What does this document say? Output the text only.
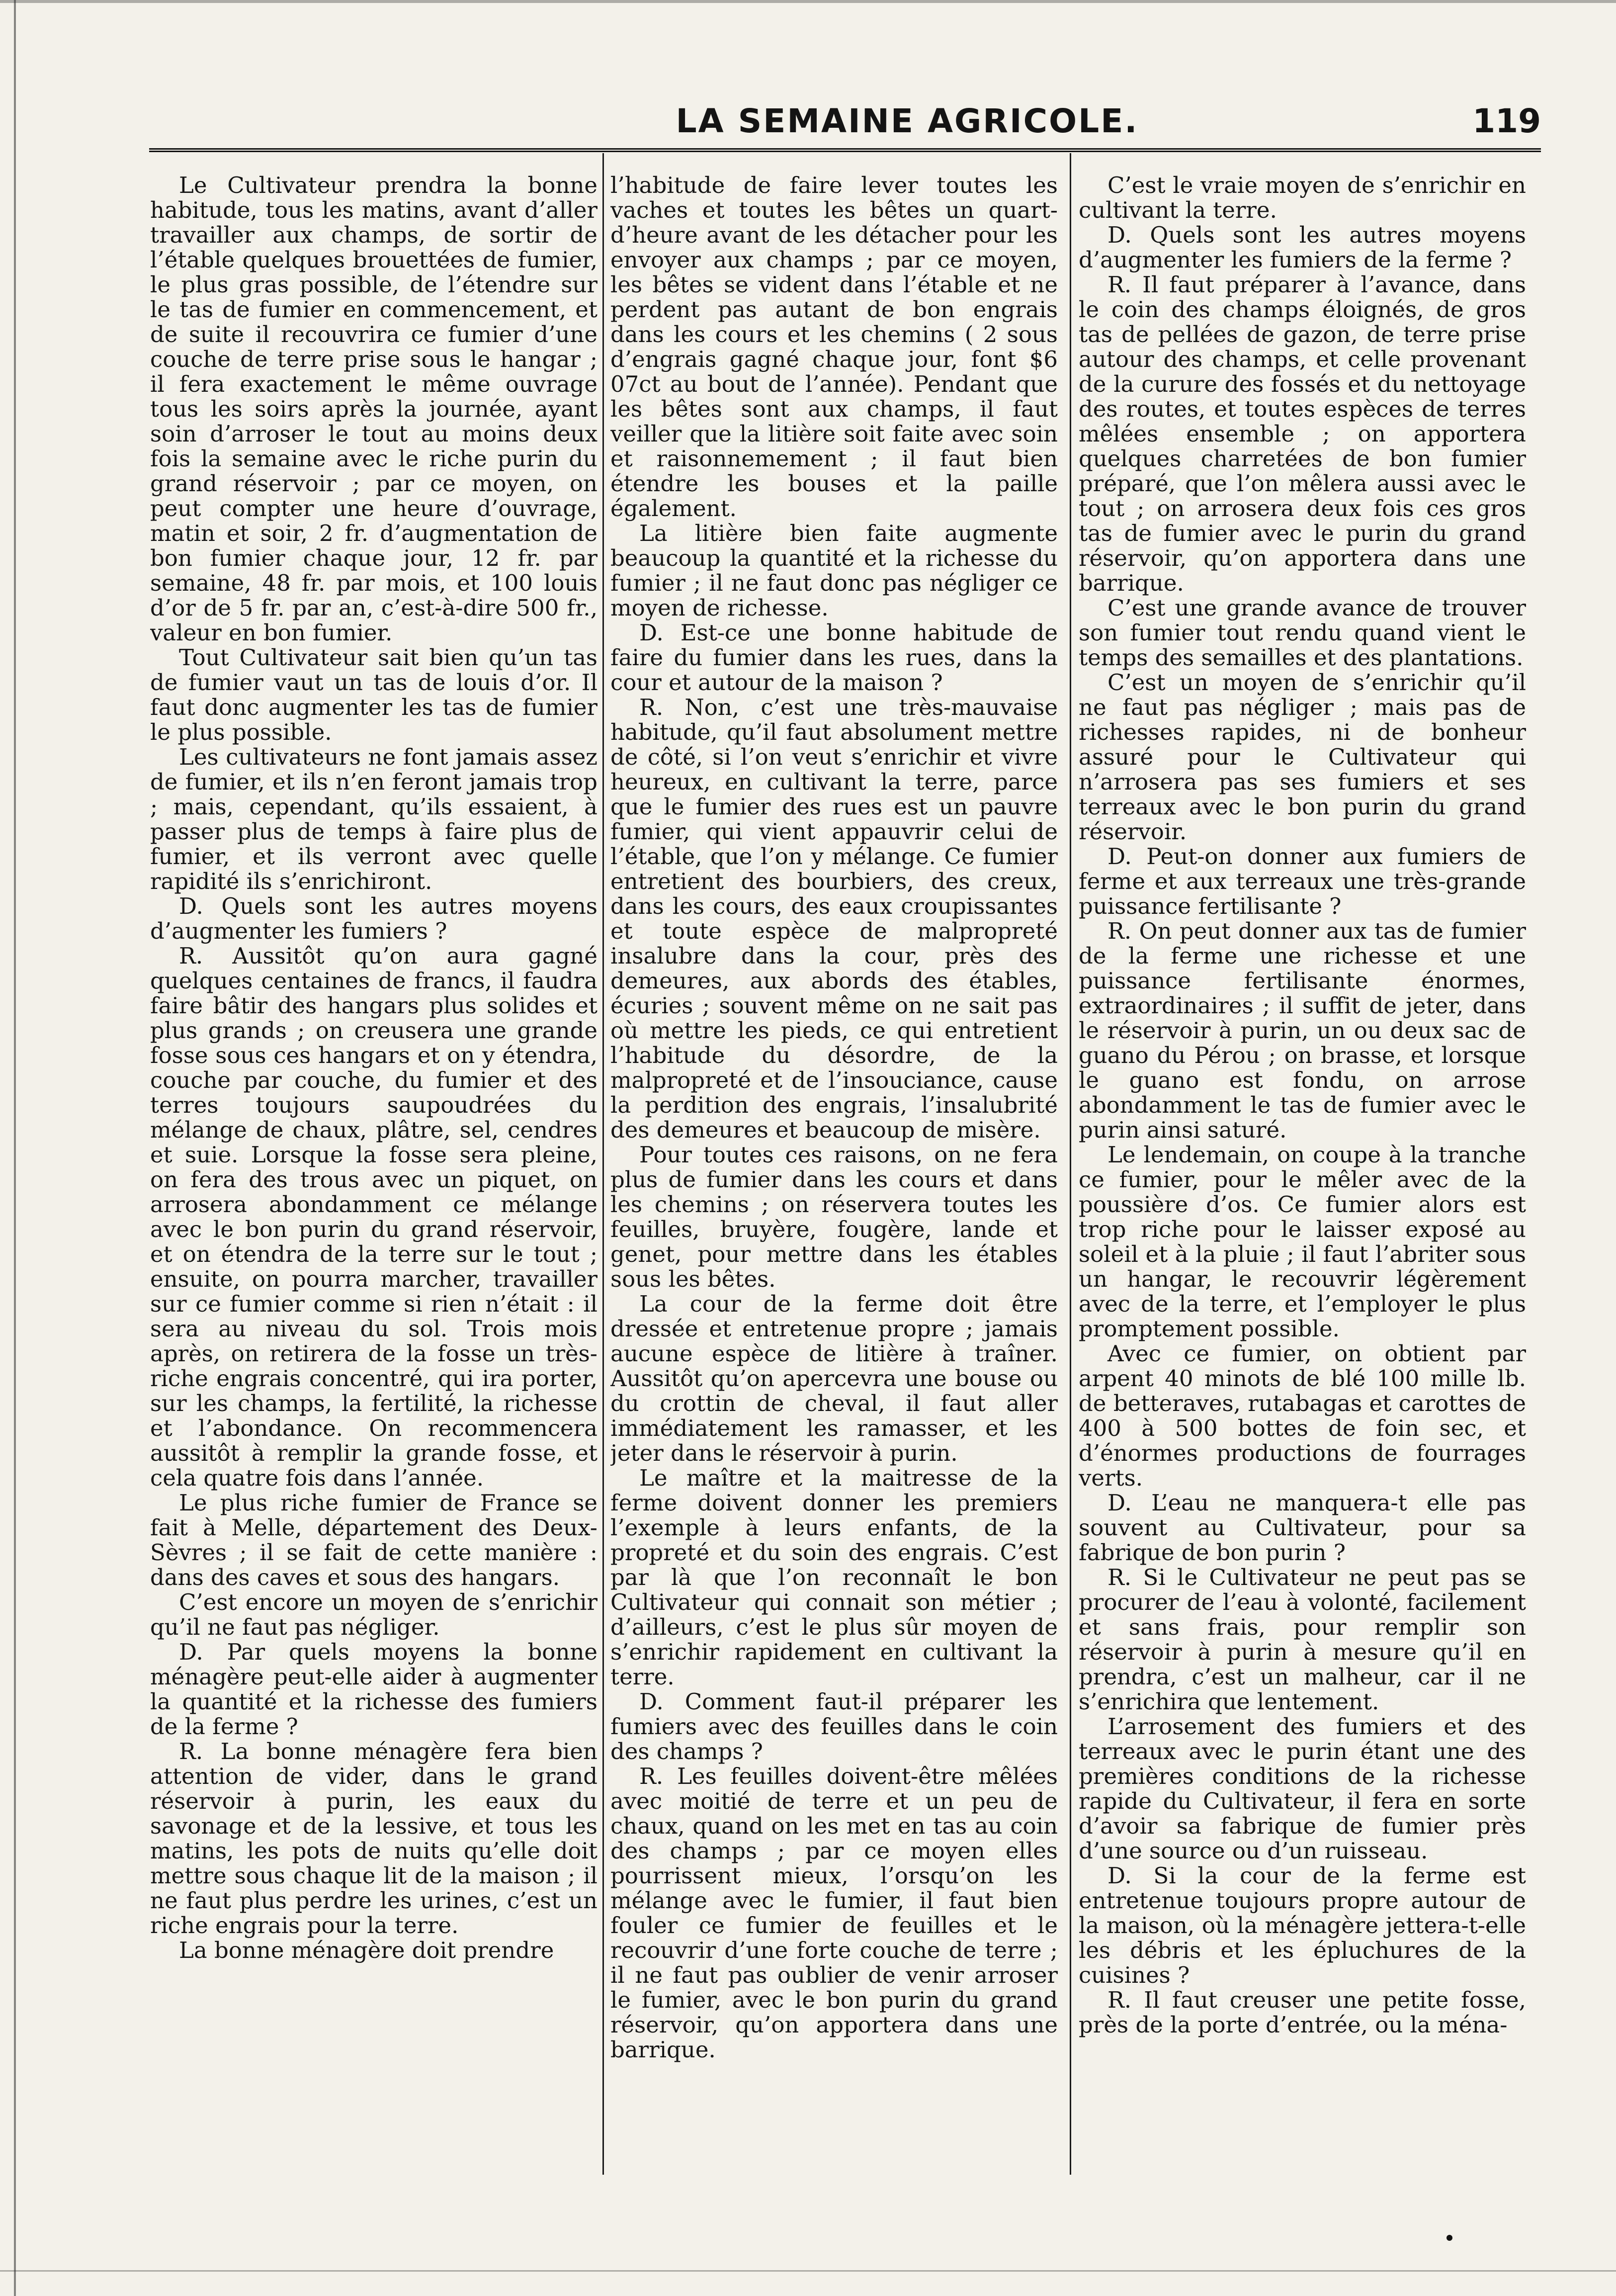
LA SEMAINE AGRICOLE.	119

Le Cultivateur prendra la bonne habitude, tous les matins, avant d’aller travailler aux champs, de sortir de l’étable quelques brouettées de fumier, le plus gras possible, de l’étendre sur le tas de fumier en commencement, et de suite il recouvrira ce fumier d’une couche de terre prise sous le hangar ; il fera exactement le même ouvrage tous les soirs après la journée, ayant soin d’arroser le tout au moins deux fois la semaine avec le riche purin du grand réservoir ; par ce moyen, on peut compter une heure d’ouvrage, matin et soir, 2 fr. d’augmentation de bon fumier chaque jour, 12 fr. par semaine, 48 fr. par mois, et 100 louis d’or de 5 fr. par an, c’est-à-dire 500 fr., valeur en bon fumier.

Tout Cultivateur sait bien qu’un tas de fumier vaut un tas de louis d’or. Il faut donc augmenter les tas de fumier le plus possible.

Les cultivateurs ne font jamais assez de fumier, et ils n’en feront jamais trop ; mais, cependant, qu’ils essaient, à passer plus de temps à faire plus de fumier, et ils verront avec quelle rapidité ils s’enrichiront.

D. Quels sont les autres moyens d’augmenter les fumiers ?

R. Aussitôt qu’on aura gagné quelques centaines de francs, il faudra faire bâtir des hangars plus solides et plus grands ; on creusera une grande fosse sous ces hangars et on y étendra, couche par couche, du fumier et des terres toujours saupoudrées du mélange de chaux, plâtre, sel, cendres et suie. Lorsque la fosse sera pleine, on fera des trous avec un piquet, on arrosera abondamment ce mélange avec le bon purin du grand réservoir, et on étendra de la terre sur le tout ; ensuite, on pourra marcher, travailler sur ce fumier comme si rien n’était : il sera au niveau du sol. Trois mois après, on retirera de la fosse un très-riche engrais concentré, qui ira porter, sur les champs, la fertilité, la richesse et l’abondance. On recommencera aussitôt à remplir la grande fosse, et cela quatre fois dans l’année.

Le plus riche fumier de France se fait à Melle, département des Deux-Sèvres ; il se fait de cette manière : dans des caves et sous des hangars.

C’est encore un moyen de s’enrichir qu’il ne faut pas négliger.

D. Par quels moyens la bonne ménagère peut-elle aider à augmenter la quantité et la richesse des fumiers de la ferme ?

R. La bonne ménagère fera bien attention de vider, dans le grand réservoir à purin, les eaux du savonage et de la lessive, et tous les matins, les pots de nuits qu’elle doit mettre sous chaque lit de la maison ; il ne faut plus perdre les urines, c’est un riche engrais pour la terre.

La bonne ménagère doit prendre

l’habitude de faire lever toutes les vaches et toutes les bêtes un quart-d’heure avant de les détacher pour les envoyer aux champs ; par ce moyen, les bêtes se vident dans l’étable et ne perdent pas autant de bon engrais dans les cours et les chemins ( 2 sous d’engrais gagné chaque jour, font $6 07ct au bout de l’année). Pendant que les bêtes sont aux champs, il faut veiller que la litière soit faite avec soin et raisonnemement ; il faut bien étendre les bouses et la paille également.

La litière bien faite augmente beaucoup la quantité et la richesse du fumier ; il ne faut donc pas négliger ce moyen de richesse.

D. Est-ce une bonne habitude de faire du fumier dans les rues, dans la cour et autour de la maison ?

R. Non, c’est une très-mauvaise habitude, qu’il faut absolument mettre de côté, si l’on veut s’enrichir et vivre heureux, en cultivant la terre, parce que le fumier des rues est un pauvre fumier, qui vient appauvrir celui de l’étable, que l’on y mélange. Ce fumier entretient des bourbiers, des creux, dans les cours, des eaux croupissantes et toute espèce de malpropreté insalubre dans la cour, près des demeures, aux abords des étables, écuries ; souvent même on ne sait pas où mettre les pieds, ce qui entretient l’habitude du désordre, de la malpropreté et de l’insouciance, cause la perdition des engrais, l’insalubrité des demeures et beaucoup de misère.

Pour toutes ces raisons, on ne fera plus de fumier dans les cours et dans les chemins ; on réservera toutes les feuilles, bruyère, fougère, lande et genet, pour mettre dans les étables sous les bêtes.

La cour de la ferme doit être dressée et entretenue propre ; jamais aucune espèce de litière à traîner. Aussitôt qu’on apercevra une bouse ou du crottin de cheval, il faut aller immédiatement les ramasser, et les jeter dans le réservoir à purin.

Le maître et la maitresse de la ferme doivent donner les premiers l’exemple à leurs enfants, de la propreté et du soin des engrais. C’est par là que l’on reconnaît le bon Cultivateur qui connait son métier ; d’ailleurs, c’est le plus sûr moyen de s’enrichir rapidement en cultivant la terre.

D. Comment faut-il préparer les fumiers avec des feuilles dans le coin des champs ?

R. Les feuilles doivent-être mêlées avec moitié de terre et un peu de chaux, quand on les met en tas au coin des champs ; par ce moyen elles pourrissent mieux, l’orsqu’on les mélange avec le fumier, il faut bien fouler ce fumier de feuilles et le recouvrir d’une forte couche de terre ; il ne faut pas oublier de venir arroser le fumier, avec le bon purin du grand réservoir, qu’on apportera dans une barrique.

C’est le vraie moyen de s’enrichir en cultivant la terre.

D. Quels sont les autres moyens d’augmenter les fumiers de la ferme ?

R. Il faut préparer à l’avance, dans le coin des champs éloignés, de gros tas de pellées de gazon, de terre prise autour des champs, et celle provenant de la curure des fossés et du nettoyage des routes, et toutes espèces de terres mêlées ensemble ; on apportera quelques charretées de bon fumier préparé, que l’on mêlera aussi avec le tout ; on arrosera deux fois ces gros tas de fumier avec le purin du grand réservoir, qu’on apportera dans une barrique.

C’est une grande avance de trouver son fumier tout rendu quand vient le temps des semailles et des plantations.

C’est un moyen de s’enrichir qu’il ne faut pas négliger ; mais pas de richesses rapides, ni de bonheur assuré pour le Cultivateur qui n’arrosera pas ses fumiers et ses terreaux avec le bon purin du grand réservoir.

D. Peut-on donner aux fumiers de ferme et aux terreaux une très-grande puissance fertilisante ?

R. On peut donner aux tas de fumier de la ferme une richesse et une puissance fertilisante énormes, extraordinaires ; il suffit de jeter, dans le réservoir à purin, un ou deux sac de guano du Pérou ; on brasse, et lorsque le guano est fondu, on arrose abondamment le tas de fumier avec le purin ainsi saturé.

Le lendemain, on coupe à la tranche ce fumier, pour le mêler avec de la poussière d’os. Ce fumier alors est trop riche pour le laisser exposé au soleil et à la pluie ; il faut l’abriter sous un hangar, le recouvrir légèrement avec de la terre, et l’employer le plus promptement possible.

Avec ce fumier, on obtient par arpent 40 minots de blé 100 mille lb. de betteraves, rutabagas et carottes de 400 à 500 bottes de foin sec, et d’énormes productions de fourrages verts.

D. L’eau ne manquera-t elle pas souvent au Cultivateur, pour sa fabrique de bon purin ?

R. Si le Cultivateur ne peut pas se procurer de l’eau à volonté, facilement et sans frais, pour remplir son réservoir à purin à mesure qu’il en prendra, c’est un malheur, car il ne s’enrichira que lentement.

L’arrosement des fumiers et des terreaux avec le purin étant une des premières conditions de la richesse rapide du Cultivateur, il fera en sorte d’avoir sa fabrique de fumier près d’une source ou d’un ruisseau.

D. Si la cour de la ferme est entretenue toujours propre autour de la maison, où la ménagère jettera-t-elle les débris et les épluchures de la cuisines ?

R. Il faut creuser une petite fosse, près de la porte d’entrée, ou la ména-
